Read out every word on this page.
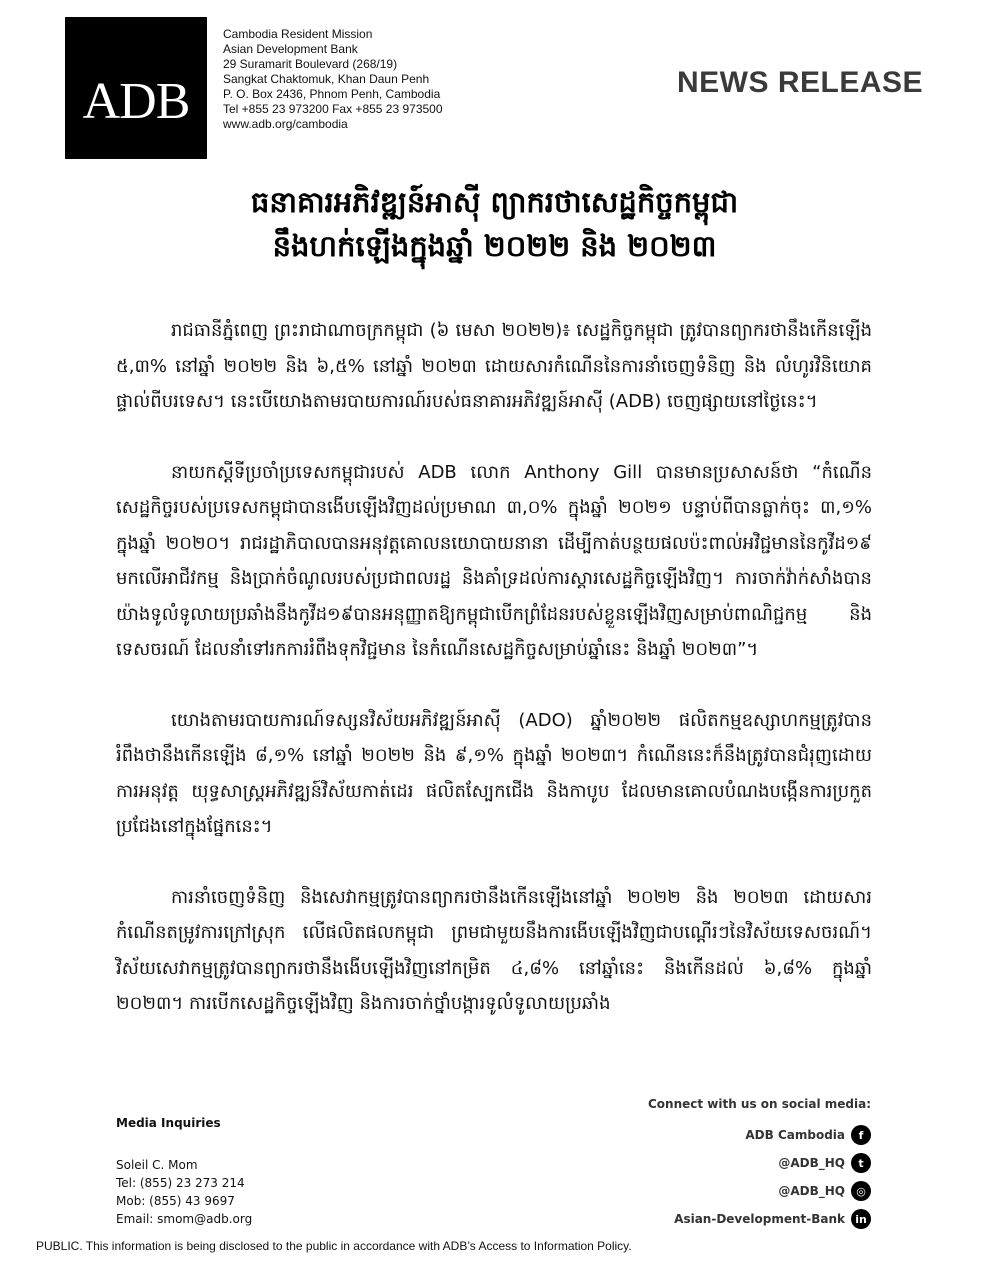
ADB
Cambodia Resident Mission
Asian Development Bank
29 Suramarit Boulevard (268/19)
Sangkat Chaktomuk, Khan Daun Penh
P. O. Box 2436, Phnom Penh, Cambodia
Tel +855 23 973200 Fax +855 23 973500
www.adb.org/cambodia
NEWS RELEASE
ធនាគារអភិវឌ្ឍន៍អាស៊ី ព្យាករថាសេដ្ឋកិច្ចកម្ពុជា
នឹងហក់ឡើងក្នុងឆ្នាំ ២០២២ និង ២០២៣

រាជធានីភ្នំពេញ ព្រះរាជាណាចក្រកម្ពុជា (៦ មេសា ២០២២)៖ សេដ្ឋកិច្ចកម្ពុជា ត្រូវបានព្យាករថានឹងកើនឡើង ៥,៣% នៅឆ្នាំ ២០២២ និង ៦,៥% នៅឆ្នាំ ២០២៣ ដោយសារកំណើននៃការនាំចេញទំនិញ និង លំហូរវិនិយោគផ្ទាល់ពីបរទេស។ នេះបើយោងតាមរបាយការណ៍របស់ធនាគារអភិវឌ្ឍន៍អាស៊ី (ADB) ចេញផ្សាយនៅថ្ងៃនេះ។

នាយកស្ដីទីប្រចាំប្រទេសកម្ពុជារបស់ ADB លោក Anthony Gill បានមានប្រសាសន៍ថា “កំណើនសេដ្ឋកិច្ចរបស់ប្រទេសកម្ពុជាបានងើបឡើងវិញដល់ប្រមាណ ៣,០% ក្នុងឆ្នាំ ២០២១ បន្ទាប់ពីបានធ្លាក់ចុះ ៣,១% ក្នុងឆ្នាំ ២០២០។ រាជរដ្ឋាភិបាលបានអនុវត្តគោលនយោបាយនានា ដើម្បីកាត់បន្ថយផលប៉ះពាល់អវិជ្ជមាននៃកូវីដ១៩ មកលើអាជីវកម្ម និងប្រាក់ចំណូលរបស់ប្រជាពលរដ្ឋ និងគាំទ្រដល់ការស្តារសេដ្ឋកិច្ចឡើងវិញ។ ការចាក់វ៉ាក់សាំងបានយ៉ាងទូលំទូលាយប្រឆាំងនឹងកូវីដ១៩បានអនុញ្ញាតឱ្យកម្ពុជាបើកព្រំដែនរបស់ខ្លួនឡើងវិញសម្រាប់ពាណិជ្ជកម្ម និង ទេសចរណ៍ ដែលនាំទៅរកការរំពឹងទុកវិជ្ជមាន នៃកំណើនសេដ្ឋកិច្ចសម្រាប់ឆ្នាំនេះ និងឆ្នាំ ២០២៣”។

យោងតាមរបាយការណ៍ទស្សនវិស័យអភិវឌ្ឍន៍អាស៊ី (ADO) ឆ្នាំ២០២២ ផលិតកម្មឧស្សាហកម្មត្រូវបានរំពឹងថានឹងកើនឡើង ៨,១% នៅឆ្នាំ ២០២២ និង ៩,១% ក្នុងឆ្នាំ ២០២៣។ កំណើននេះក៏នឹងត្រូវបានជំរុញដោយការអនុវត្ត យុទ្ធសាស្ត្រអភិវឌ្ឍន៍វិស័យកាត់ដេរ ផលិតស្បែកជើង និងកាបូប ដែលមានគោលបំណងបង្កើនការប្រកួតប្រជែងនៅក្នុងផ្នែកនេះ។

ការនាំចេញទំនិញ និងសេវាកម្មត្រូវបានព្យាករថានឹងកើនឡើងនៅឆ្នាំ ២០២២ និង ២០២៣ ដោយសារកំណើនតម្រូវការក្រៅស្រុក លើផលិតផលកម្ពុជា ព្រមជាមួយនឹងការងើបឡើងវិញជាបណ្តើរៗនៃវិស័យទេសចរណ៍។ វិស័យសេវាកម្មត្រូវបានព្យាករថានឹងងើបឡើងវិញនៅកម្រិត ៤,៨% នៅឆ្នាំនេះ និងកើនដល់ ៦,៨% ក្នុងឆ្នាំ ២០២៣។ ការបើកសេដ្ឋកិច្ចឡើងវិញ និងការចាក់ថ្នាំបង្ការទូលំទូលាយប្រឆាំង

Media Inquiries
Soleil C. Mom
Tel: (855) 23 273 214
Mob: (855) 43 9697
Email: smom@adb.org
Connect with us on social media:
ADB Cambodia	f
@ADB_HQ	t
@ADB_HQ	◎
Asian-Development-Bank in
PUBLIC. This information is being disclosed to the public in accordance with ADB’s Access to Information Policy.
